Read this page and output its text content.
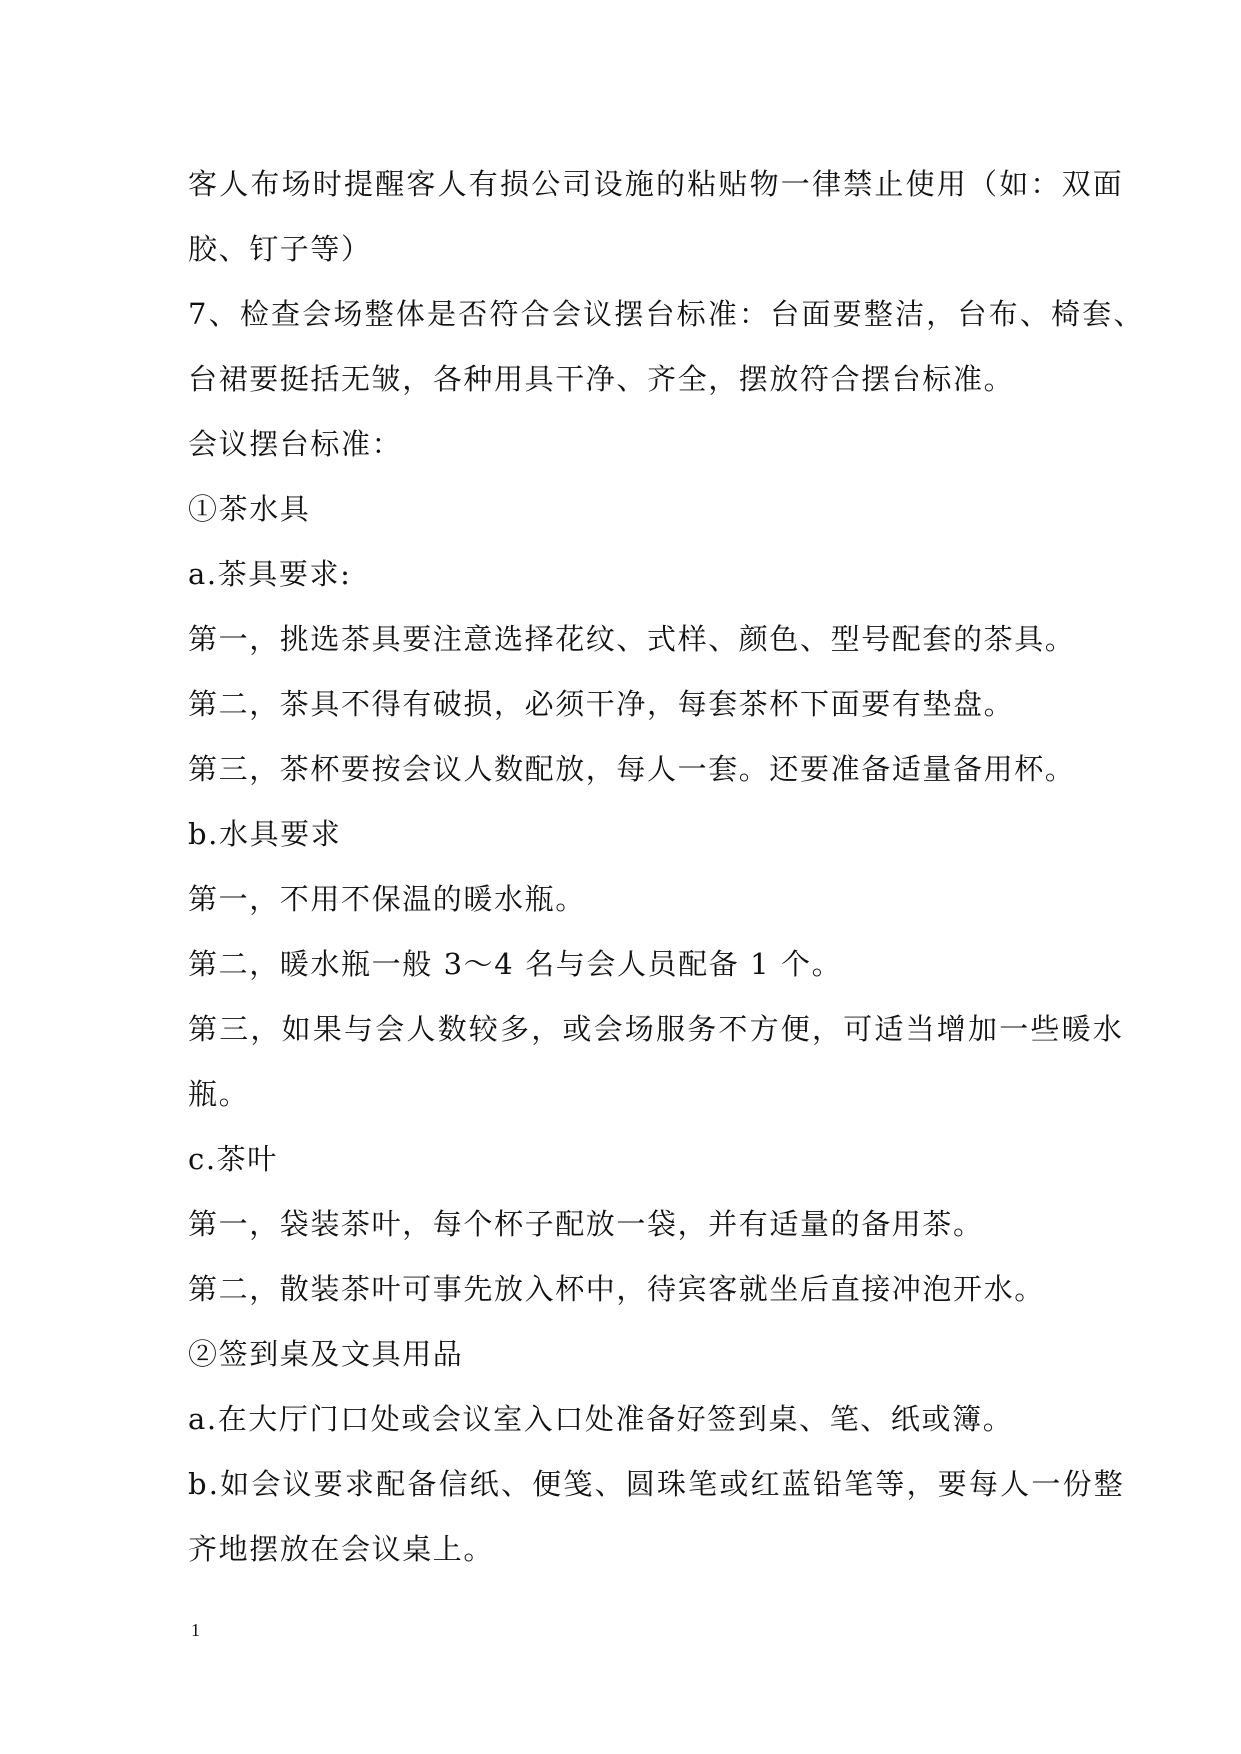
客人布场时提醒客人有损公司设施的粘贴物一律禁止使用（如：双面
胶、钉子等）
7、检查会场整体是否符合会议摆台标准：台面要整洁，台布、椅套、
台裙要挺括无皱，各种用具干净、齐全，摆放符合摆台标准。
会议摆台标准：
①茶水具
a.茶具要求:
第一，挑选茶具要注意选择花纹、式样、颜色、型号配套的茶具。
第二，茶具不得有破损，必须干净，每套茶杯下面要有垫盘。
第三，茶杯要按会议人数配放，每人一套。还要准备适量备用杯。
b.水具要求
第一，不用不保温的暖水瓶。
第二，暖水瓶一般 3～4 名与会人员配备 1 个。
第三，如果与会人数较多，或会场服务不方便，可适当增加一些暖水
瓶。
c.茶叶
第一，袋装茶叶，每个杯子配放一袋，并有适量的备用茶。
第二，散装茶叶可事先放入杯中，待宾客就坐后直接冲泡开水。
②签到桌及文具用品
a.在大厅门口处或会议室入口处准备好签到桌、笔、纸或簿。
b.如会议要求配备信纸、便笺、圆珠笔或红蓝铅笔等，要每人一份整
齐地摆放在会议桌上。
1
